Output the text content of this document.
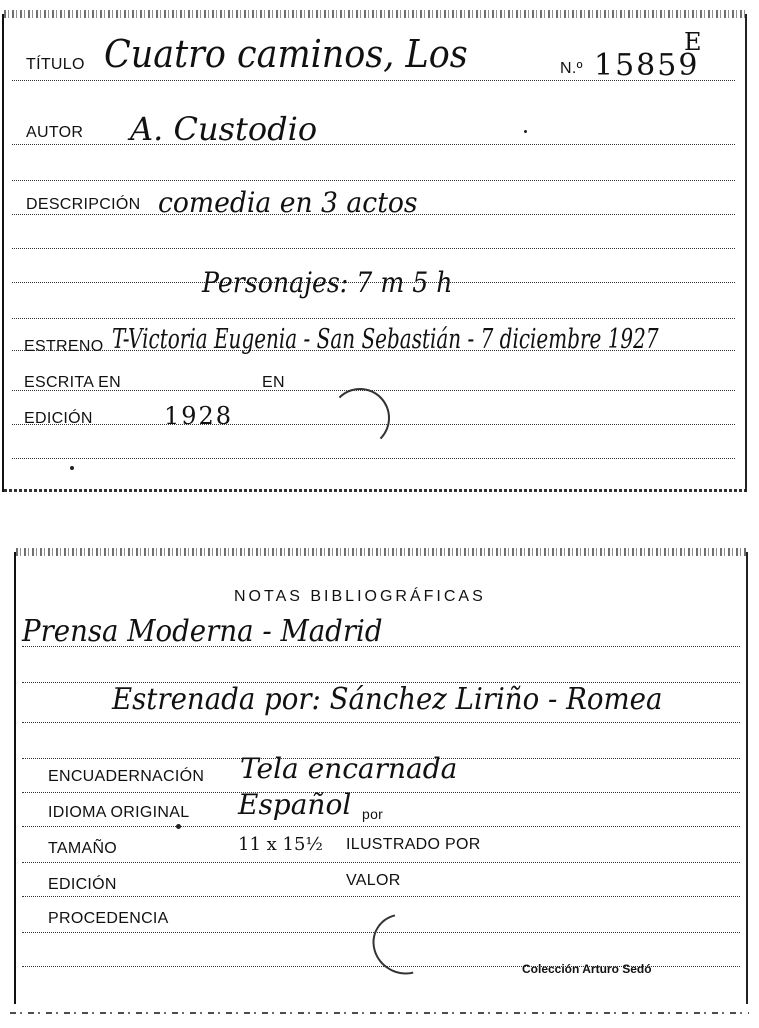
TÍTULO Cuatro caminos, Los	N.º 15859
E
AUTOR A. Custodio
DESCRIPCIÓN comedia en 3 actos
Personajes: 7 m 5 h
ESTRENO T-Victoria Eugenia - San Sebastián - 7 diciembre 1927
ESCRITA EN	EN
EDICIÓN	1928
NOTAS BIBLIOGRÁFICAS
Prensa Moderna - Madrid
Estrenada por: Sánchez Liriño - Romea
ENCUADERNACIÓN Tela encarnada
IDIOMA ORIGINAL Español por
TAMAÑO	11 x 15½ ILUSTRADO POR
EDICIÓN	VALOR
PROCEDENCIA
Colección Arturo Sedó
